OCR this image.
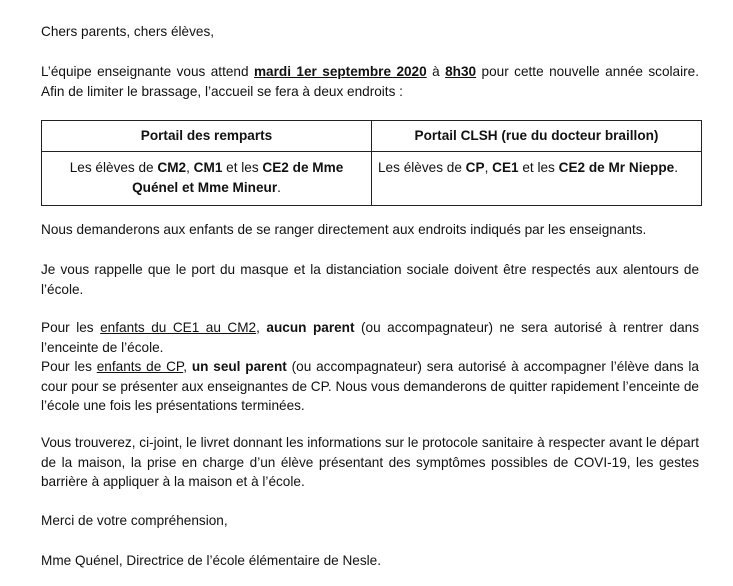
Chers parents, chers élèves,

L’équipe enseignante vous attend mardi 1er septembre 2020 à 8h30 pour cette nouvelle année scolaire. Afin de limiter le brassage, l’accueil se fera à deux endroits :

Portail des remparts	Portail CLSH (rue du docteur braillon)
Les élèves de CM2, CM1 et les CE2 de Mme Quénel et Mme Mineur.	Les élèves de CP, CE1 et les CE2 de Mr Nieppe.

Nous demanderons aux enfants de se ranger directement aux endroits indiqués par les enseignants.

Je vous rappelle que le port du masque et la distanciation sociale doivent être respectés aux alentours de l’école.

Pour les enfants du CE1 au CM2, aucun parent (ou accompagnateur) ne sera autorisé à rentrer dans l’enceinte de l’école.

Pour les enfants de CP, un seul parent (ou accompagnateur) sera autorisé à accompagner l’élève dans la cour pour se présenter aux enseignantes de CP. Nous vous demanderons de quitter rapidement l’enceinte de l’école une fois les présentations terminées.

Vous trouverez, ci-joint, le livret donnant les informations sur le protocole sanitaire à respecter avant le départ de la maison, la prise en charge d’un élève présentant des symptômes possibles de COVI-19, les gestes barrière à appliquer à la maison et à l’école.

Merci de votre compréhension,

Mme Quénel, Directrice de l’école élémentaire de Nesle.
